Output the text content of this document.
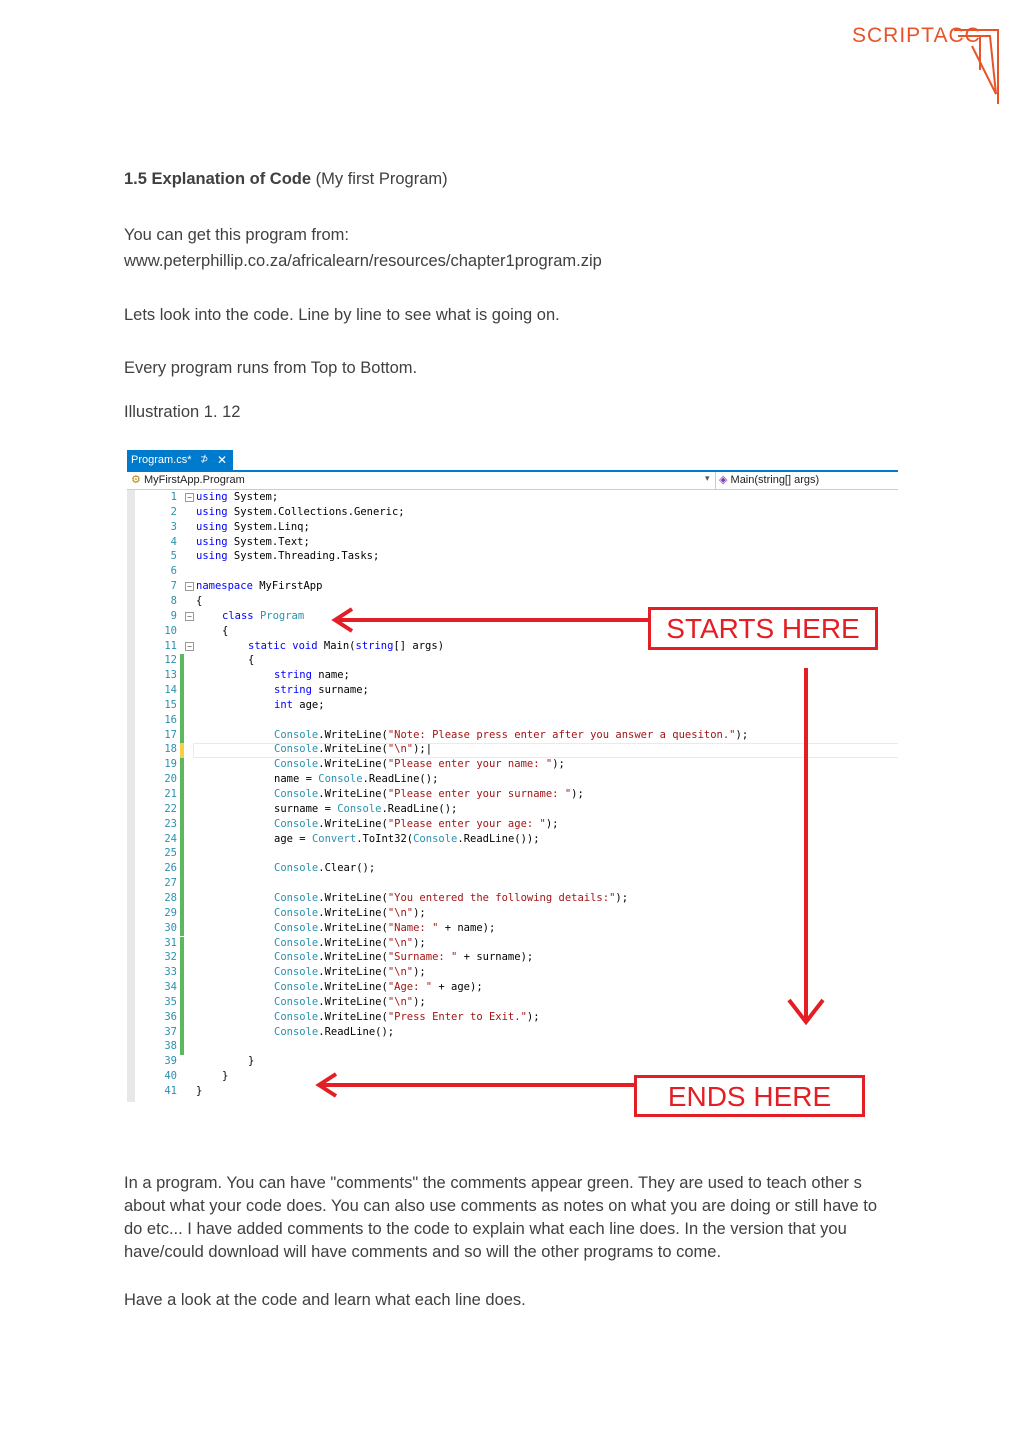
SCRIPTACC
1.5 Explanation of Code (My first Program)
You can get this program from:
www.peterphillip.co.za/africalearn/resources/chapter1program.zip
Lets look into the code. Line by line to see what is going on.
Every program runs from Top to Bottom.
Illustration 1. 12
Program.cs* ⊅ ✕
⚙ MyFirstApp.Program	▾ ◈ Main(string[] args)
1 − using System;
2 using System.Collections.Generic;
3 using System.Linq;
4 using System.Text;
5 using System.Threading.Tasks;
6
7 − namespace MyFirstApp
8 {
9 −	class Program
10	{
11 −	static void Main(string[] args)
12	{
13	string name;
14	string surname;
15	int age;
16
17	Console.WriteLine("Note: Please press enter after you answer a quesiton.");
18	Console.WriteLine("\n");|
19	Console.WriteLine("Please enter your name: ");
20	name = Console.ReadLine();
21	Console.WriteLine("Please enter your surname: ");
22	surname = Console.ReadLine();
23	Console.WriteLine("Please enter your age: ");
24	age = Convert.ToInt32(Console.ReadLine());
25
26	Console.Clear();
27
28	Console.WriteLine("You entered the following details:");
29	Console.WriteLine("\n");
30	Console.WriteLine("Name: " + name);
31	Console.WriteLine("\n");
32	Console.WriteLine("Surname: " + surname);
33	Console.WriteLine("\n");
34	Console.WriteLine("Age: " + age);
35	Console.WriteLine("\n");
36	Console.WriteLine("Press Enter to Exit.");
37	Console.ReadLine();
38
39	}
40	}
41 }
STARTS HERE
ENDS HERE
In a program. You can have "comments" the comments appear green. They are used to teach other s about what your code does. You can also use comments as notes on what you are doing or still have to do etc... I have added comments to the code to explain what each line does. In the version that you have/could download will have comments and so will the other programs to come.
Have a look at the code and learn what each line does.
